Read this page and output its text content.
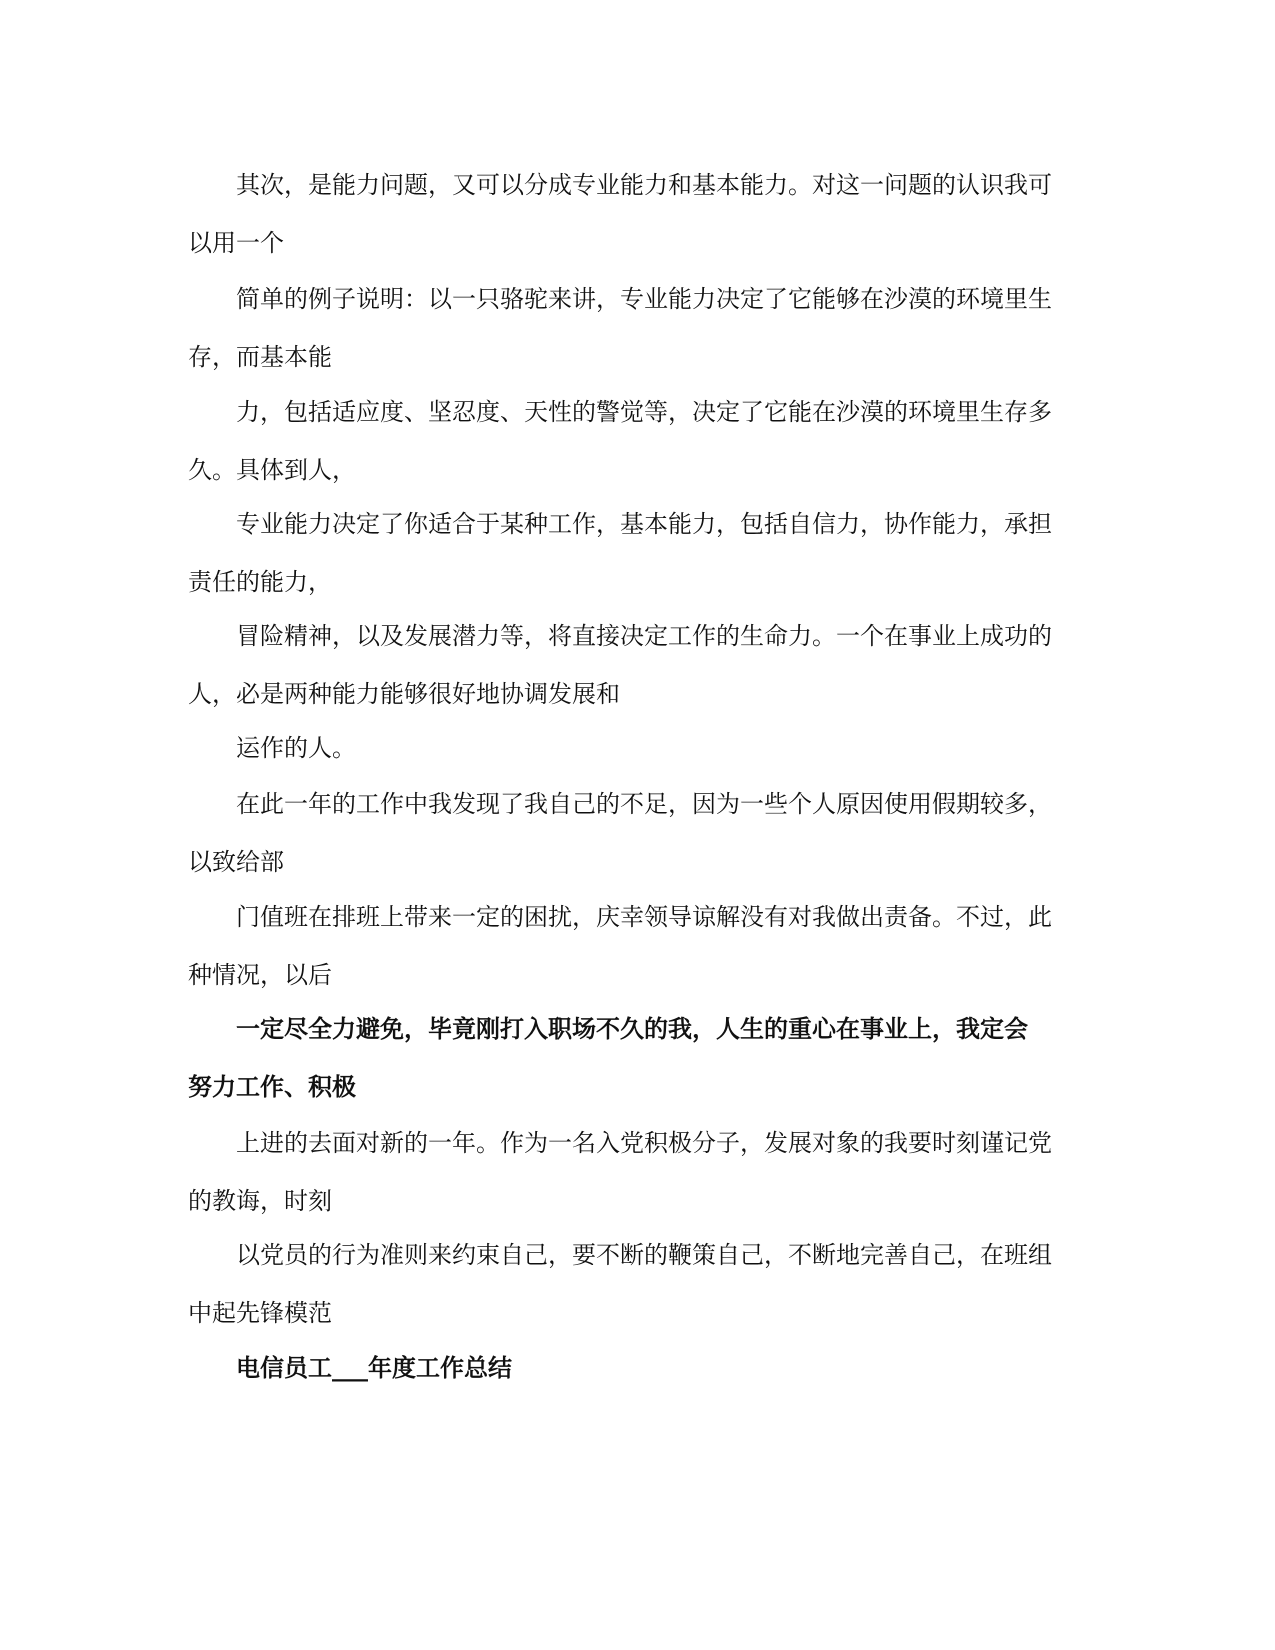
其次，是能力问题，又可以分成专业能力和基本能力。对这一问题的认识我可
以用一个

简单的例子说明：以一只骆驼来讲，专业能力决定了它能够在沙漠的环境里生
存，而基本能

力，包括适应度、坚忍度、天性的警觉等，决定了它能在沙漠的环境里生存多
久。具体到人，

专业能力决定了你适合于某种工作，基本能力，包括自信力，协作能力，承担
责任的能力，

冒险精神，以及发展潜力等，将直接决定工作的生命力。一个在事业上成功的
人，必是两种能力能够很好地协调发展和

运作的人。

在此一年的工作中我发现了我自己的不足，因为一些个人原因使用假期较多，
以致给部

门值班在排班上带来一定的困扰，庆幸领导谅解没有对我做出责备。不过，此
种情况，以后

一定尽全力避免，毕竟刚打入职场不久的我，人生的重心在事业上，我定会
努力工作、积极

上进的去面对新的一年。作为一名入党积极分子，发展对象的我要时刻谨记党
的教诲，时刻

以党员的行为准则来约束自己，要不断的鞭策自己，不断地完善自己，在班组
中起先锋模范

电信员工___年度工作总结
